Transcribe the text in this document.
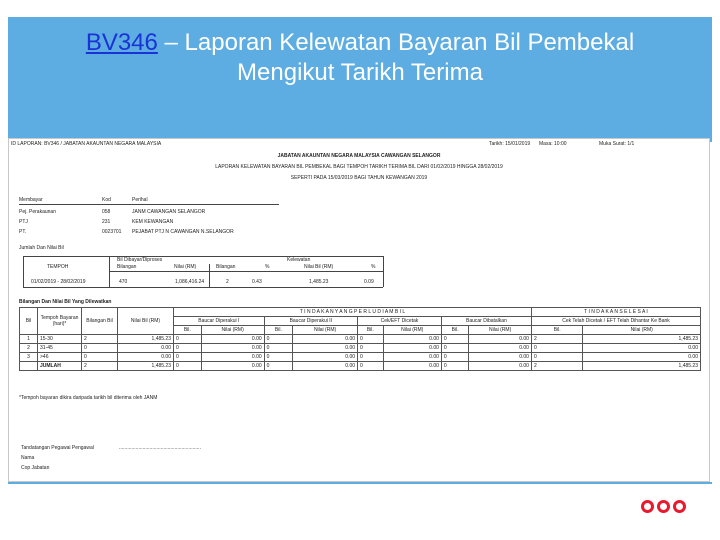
BV346 – Laporan Kelewatan Bayaran Bil Pembekal
Mengikut Tarikh Terima
ID LAPORAN: BV346 / JABATAN AKAUNTAN NEGARA MALAYSIA	Tarikh: 15/01/2019 Masa: 10:00	Muka Surat: 1/1
JABATAN AKAUNTAN NEGARA MALAYSIA CAWANGAN SELANGOR
LAPORAN KELEWATAN BAYARAN BIL PEMBEKAL BAGI TEMPOH TARIKH TERIMA BIL DARI 01/02/2019 HINGGA 28/02/2019
SEPERTI PADA 15/03/2019 BAGI TAHUN KEWANGAN 2019
Membayar	Kod	Perihal
Pej. Perakaunan	058	JANM CAWANGAN SELANGOR
PTJ	231	KEM KEWANGAN
PT.	0023701 PEJABAT PTJ N CAWANGAN N.SELANGOR
Jumlah Dan Nilai Bil
Bil Dibayar/Diproses	Kelewatan
TEMPOH	Bilangan	Nilai (RM)	Bilangan	%	Nilai Bil (RM)	%
01/02/2019 - 28/02/2019	470	1,086,416.24	2	0.43	1,485.23	0.09
Bilangan Dan Nilai Bil Yang Dilewatkan
Bil	Tempoh Bayaran (hari)*	Bilangan Bil	Nilai Bil (RM)	T I N D A K A N Y A N G P E R L U D I A M B I L								T I N D A K A N S E L E S A I	
				Baucar Diperakui I		Baucar Diperakui II		Cek/EFT Dicetak		Baucar Dibatalkan		Cek Telah Dicetak / EFT Telah Dihantar Ke Bank	
				Bil.	Nilai (RM)	Bil.	Nilai (RM)	Bil.	Nilai (RM)	Bil.	Nilai (RM)	Bil.	Nilai (RM)
1	15-30	2	1,485.23	0	0.00	0	0.00	0	0.00	0	0.00	2	1,485.23
2	31-45	0	0.00	0	0.00	0	0.00	0	0.00	0	0.00	0	0.00
3	>46	0	0.00	0	0.00	0	0.00	0	0.00	0	0.00	0	0.00
	JUMLAH	2	1,485.23	0	0.00	0	0.00	0	0.00	0	0.00	2	1,485.23
*Tempoh bayaran dikira daripada tarikh bil diterima oleh JANM
Tandatangan Pegawai Pengawal	...........................................................
Nama
Cop Jabatan
